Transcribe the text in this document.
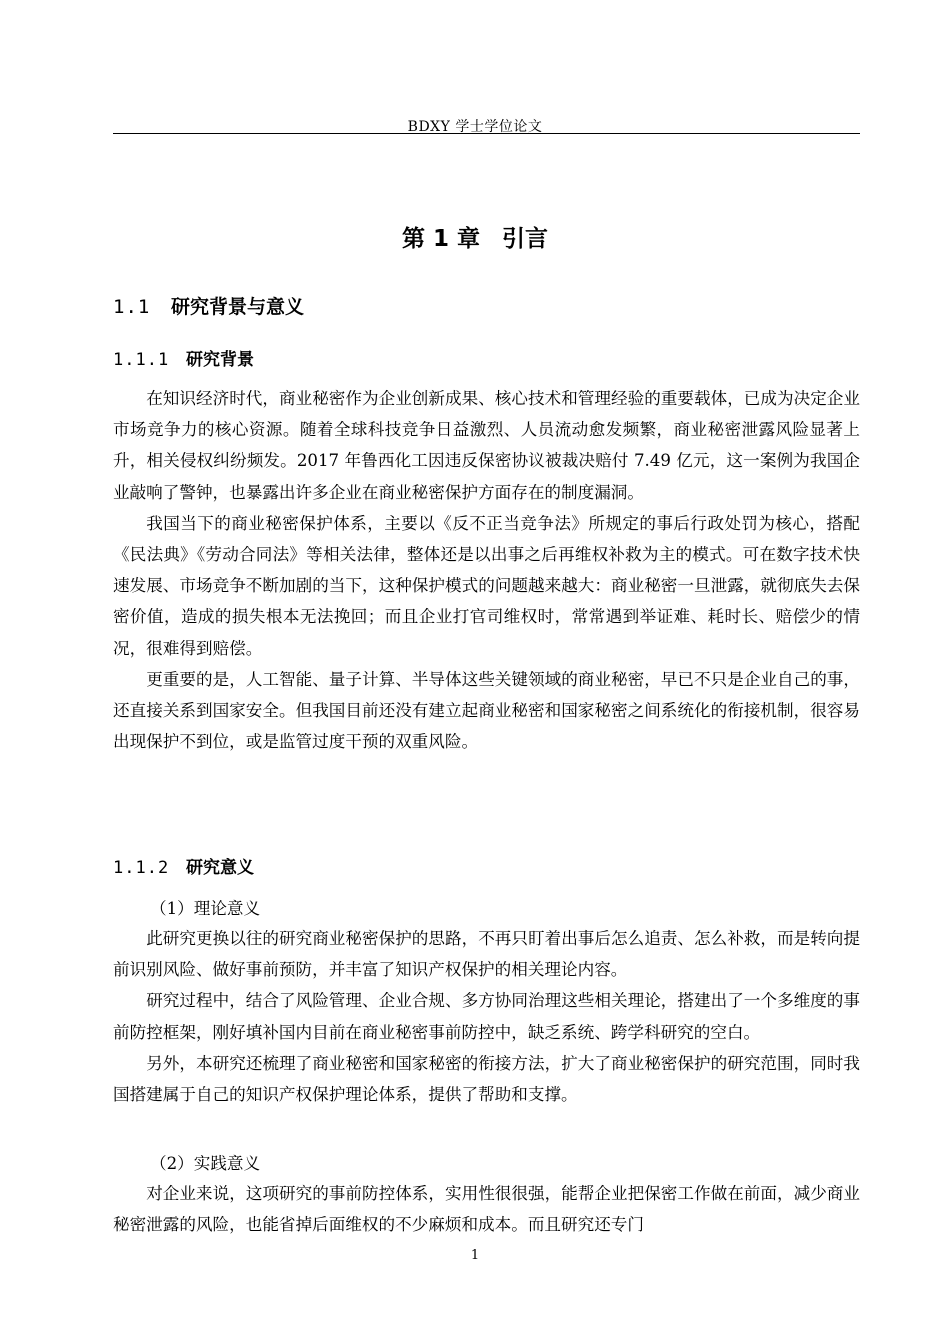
BDXY 学士学位论文
第 1 章 引言
1.1 研究背景与意义
1.1.1 研究背景

在知识经济时代，商业秘密作为企业创新成果、核心技术和管理经验的重要载体，已成为决定企业市场竞争力的核心资源。随着全球科技竞争日益激烈、人员流动愈发频繁，商业秘密泄露风险显著上升，相关侵权纠纷频发。2017 年鲁西化工因违反保密协议被裁决赔付 7.49 亿元，这一案例为我国企业敲响了警钟，也暴露出许多企业在商业秘密保护方面存在的制度漏洞。

我国当下的商业秘密保护体系，主要以《反不正当竞争法》所规定的事后行政处罚为核心，搭配《民法典》《劳动合同法》等相关法律，整体还是以出事之后再维权补救为主的模式。可在数字技术快速发展、市场竞争不断加剧的当下，这种保护模式的问题越来越大：商业秘密一旦泄露，就彻底失去保密价值，造成的损失根本无法挽回；而且企业打官司维权时，常常遇到举证难、耗时长、赔偿少的情况，很难得到赔偿。

更重要的是，人工智能、量子计算、半导体这些关键领域的商业秘密，早已不只是企业自己的事，还直接关系到国家安全。但我国目前还没有建立起商业秘密和国家秘密之间系统化的衔接机制，很容易出现保护不到位，或是监管过度干预的双重风险。

1.1.2 研究意义
（1）理论意义

此研究更换以往的研究商业秘密保护的思路，不再只盯着出事后怎么追责、怎么补救，而是转向提前识别风险、做好事前预防，并丰富了知识产权保护的相关理论内容。

研究过程中，结合了风险管理、企业合规、多方协同治理这些相关理论，搭建出了一个多维度的事前防控框架，刚好填补国内目前在商业秘密事前防控中，缺乏系统、跨学科研究的空白。

另外，本研究还梳理了商业秘密和国家秘密的衔接方法，扩大了商业秘密保护的研究范围，同时我国搭建属于自己的知识产权保护理论体系，提供了帮助和支撑。

（2）实践意义

对企业来说，这项研究的事前防控体系，实用性很很强，能帮企业把保密工作做在前面，减少商业秘密泄露的风险，也能省掉后面维权的不少麻烦和成本。而且研究还专门

1
